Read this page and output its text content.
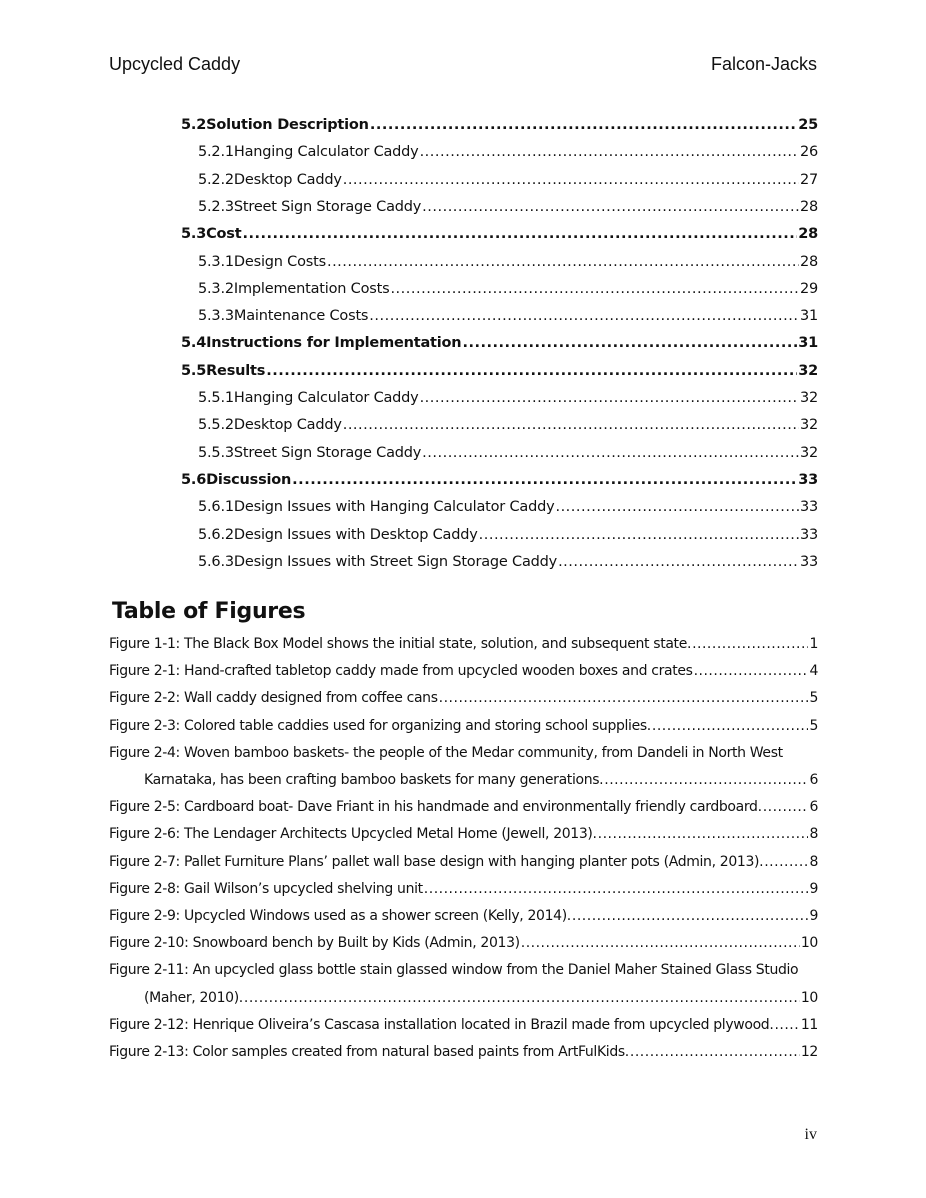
Upcycled Caddy	Falcon-Jacks
Table of Figures
iv
5.2 Solution Description .....	25
5.2.1 Hanging Calculator Caddy .....	26
5.2.2 Desktop Caddy .....	27
5.2.3 Street Sign Storage Caddy .....	28
5.3 Cost .....	28
5.3.1 Design Costs .....	28
5.3.2 Implementation Costs .....	29
5.3.3 Maintenance Costs .....	31
5.4 Instructions for Implementation .....	31
5.5 Results .....	32
5.5.1 Hanging Calculator Caddy .....	32
5.5.2 Desktop Caddy .....	32
5.5.3 Street Sign Storage Caddy .....	32
5.6 Discussion .....	33
5.6.1 Design Issues with Hanging Calculator Caddy .....	33
5.6.2 Design Issues with Desktop Caddy .....	33
5.6.3 Design Issues with Street Sign Storage Caddy .....	33
Figure 1-1: The Black Box Model shows the initial state, solution, and subsequent state. .....	1
Figure 2-1: Hand-crafted tabletop caddy made from upcycled wooden boxes and crates .....	4
Figure 2-2: Wall caddy designed from coffee cans .....	5
Figure 2-3: Colored table caddies used for organizing and storing school supplies. .....	5
Figure 2-4: Woven bamboo baskets- the people of the Medar community, from Dandeli in North West
Karnataka, has been crafting bamboo baskets for many generations. .....	6
Figure 2-5: Cardboard boat- Dave Friant in his handmade and environmentally friendly cardboard. .....	6
Figure 2-6: The Lendager Architects Upcycled Metal Home (Jewell, 2013). .....	8
Figure 2-7: Pallet Furniture Plans’ pallet wall base design with hanging planter pots (Admin, 2013). .....	8
Figure 2-8: Gail Wilson’s upcycled shelving unit .....	9
Figure 2-9: Upcycled Windows used as a shower screen (Kelly, 2014). .....	9
Figure 2-10: Snowboard bench by Built by Kids (Admin, 2013) .....	10
Figure 2-11: An upcycled glass bottle stain glassed window from the Daniel Maher Stained Glass Studio
(Maher, 2010). .....	10
Figure 2-12: Henrique Oliveira’s Cascasa installation located in Brazil made from upcycled plywood. ..... 11
Figure 2-13: Color samples created from natural based paints from ArtFulKids. .....	12
